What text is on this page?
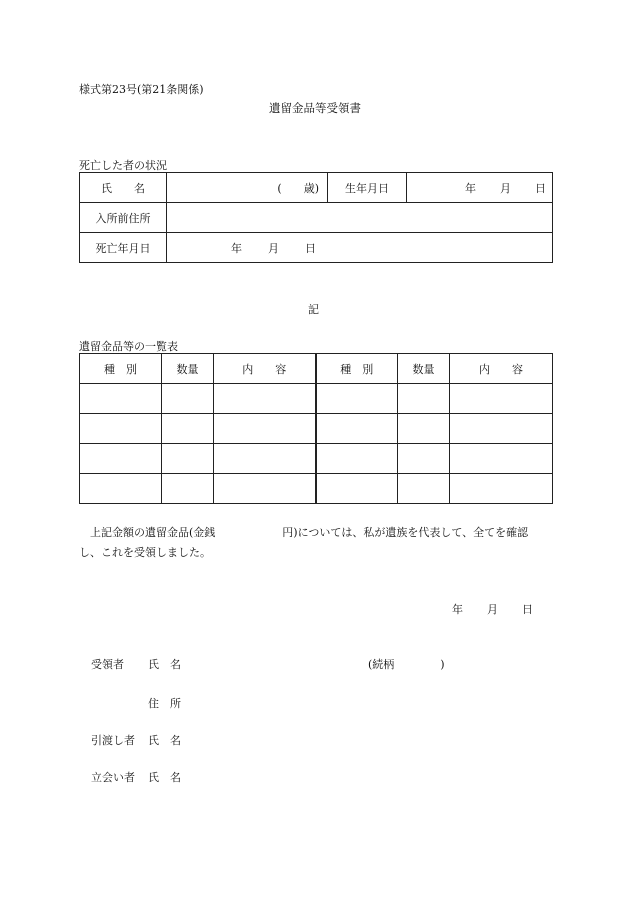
様式第23号(第21条関係)
遺留金品等受領書
死亡した者の状況
氏　　名	( 歳)	生年月日	年 月 日
入所前住所			
死亡年月日	年 月 日		
記
遺留金品等の一覧表
種　別	数量	内　　容	種　別	数量	内　　容

上記金額の遺留金品(金銭	円)については、私が遺族を代表して、全てを確認し、これを受領しました。
年 月 日
受領者 氏　名	(続柄	)
住　所
引渡し者 氏　名
立会い者 氏　名
